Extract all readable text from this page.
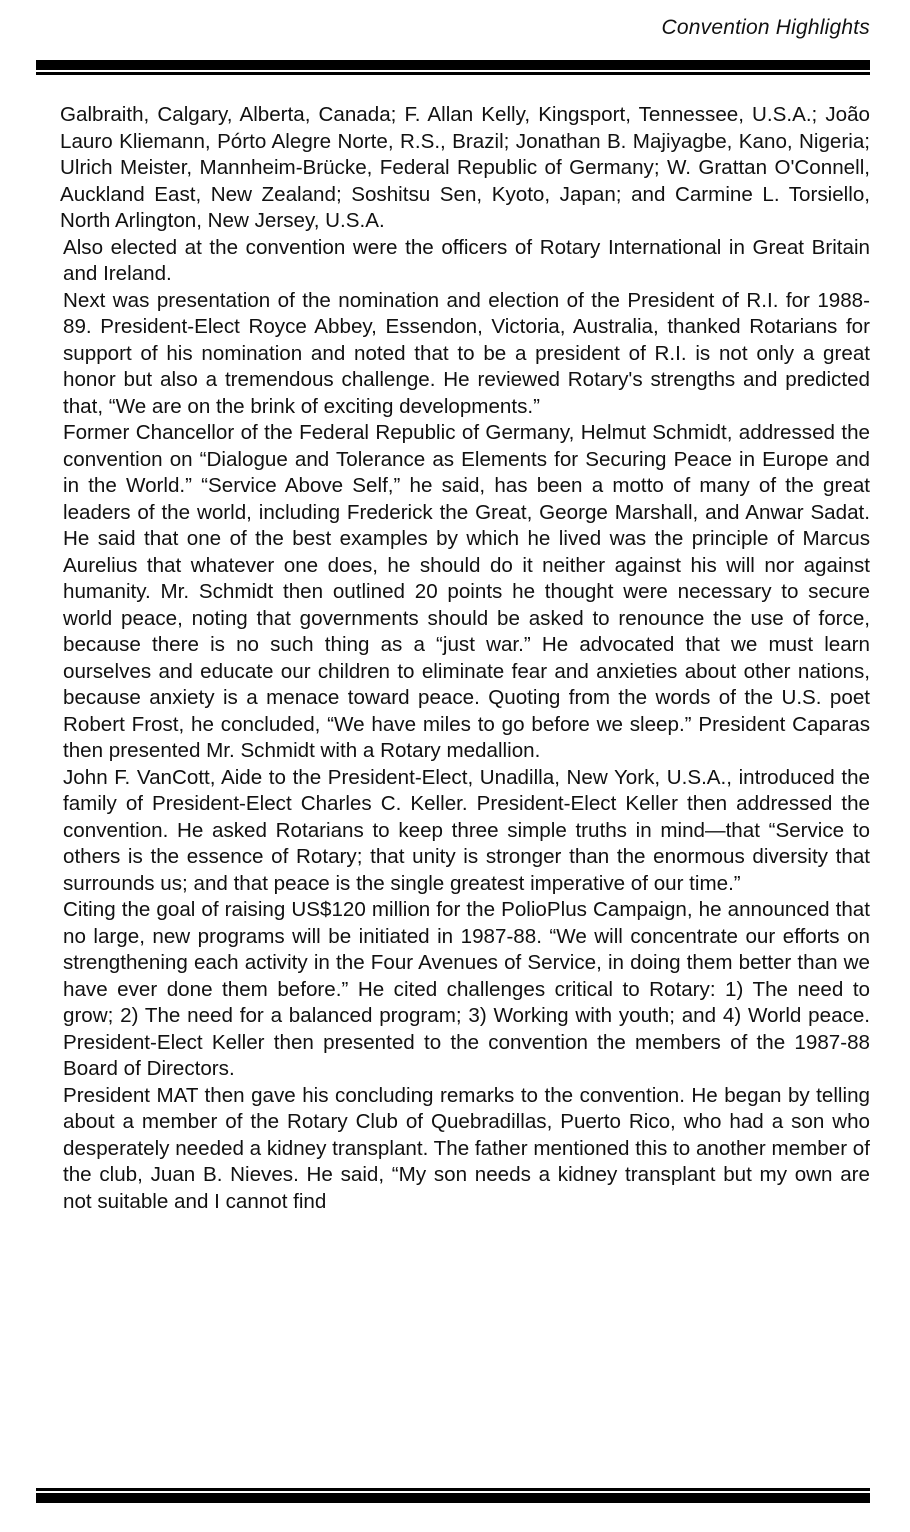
Convention Highlights

Galbraith, Calgary, Alberta, Canada; F. Allan Kelly, Kingsport, Tennessee, U.S.A.; João Lauro Kliemann, Pórto Alegre Norte, R.S., Brazil; Jonathan B. Majiyagbe, Kano, Nigeria; Ulrich Meister, Mannheim-Brücke, Federal Republic of Germany; W. Grattan O'Connell, Auckland East, New Zealand; Soshitsu Sen, Kyoto, Japan; and Carmine L. Torsiello, North Arlington, New Jersey, U.S.A.

Also elected at the convention were the officers of Rotary International in Great Britain and Ireland.

Next was presentation of the nomination and election of the President of R.I. for 1988-89. President-Elect Royce Abbey, Essendon, Victoria, Australia, thanked Rotarians for support of his nomination and noted that to be a president of R.I. is not only a great honor but also a tremendous challenge. He reviewed Rotary's strengths and predicted that, “We are on the brink of exciting developments.”

Former Chancellor of the Federal Republic of Germany, Helmut Schmidt, addressed the convention on “Dialogue and Tolerance as Elements for Securing Peace in Europe and in the World.” “Service Above Self,” he said, has been a motto of many of the great leaders of the world, including Frederick the Great, George Marshall, and Anwar Sadat. He said that one of the best examples by which he lived was the principle of Marcus Aurelius that whatever one does, he should do it neither against his will nor against humanity. Mr. Schmidt then outlined 20 points he thought were necessary to secure world peace, noting that governments should be asked to renounce the use of force, because there is no such thing as a “just war.” He advocated that we must learn ourselves and educate our children to eliminate fear and anxieties about other nations, because anxiety is a menace toward peace. Quoting from the words of the U.S. poet Robert Frost, he concluded, “We have miles to go before we sleep.” President Caparas then presented Mr. Schmidt with a Rotary medallion.

John F. VanCott, Aide to the President-Elect, Unadilla, New York, U.S.A., introduced the family of President-Elect Charles C. Keller. President-Elect Keller then addressed the convention. He asked Rotarians to keep three simple truths in mind—that “Service to others is the essence of Rotary; that unity is stronger than the enormous diversity that surrounds us; and that peace is the single greatest imperative of our time.”

Citing the goal of raising US$120 million for the PolioPlus Campaign, he announced that no large, new programs will be initiated in 1987-88. “We will concentrate our efforts on strengthening each activity in the Four Avenues of Service, in doing them better than we have ever done them before.” He cited challenges critical to Rotary: 1) The need to grow; 2) The need for a balanced program; 3) Working with youth; and 4) World peace. President-Elect Keller then presented to the convention the members of the 1987-88 Board of Directors.

President MAT then gave his concluding remarks to the convention. He began by telling about a member of the Rotary Club of Quebradillas, Puerto Rico, who had a son who desperately needed a kidney transplant. The father mentioned this to another member of the club, Juan B. Nieves. He said, “My son needs a kidney transplant but my own are not suitable and I cannot find
